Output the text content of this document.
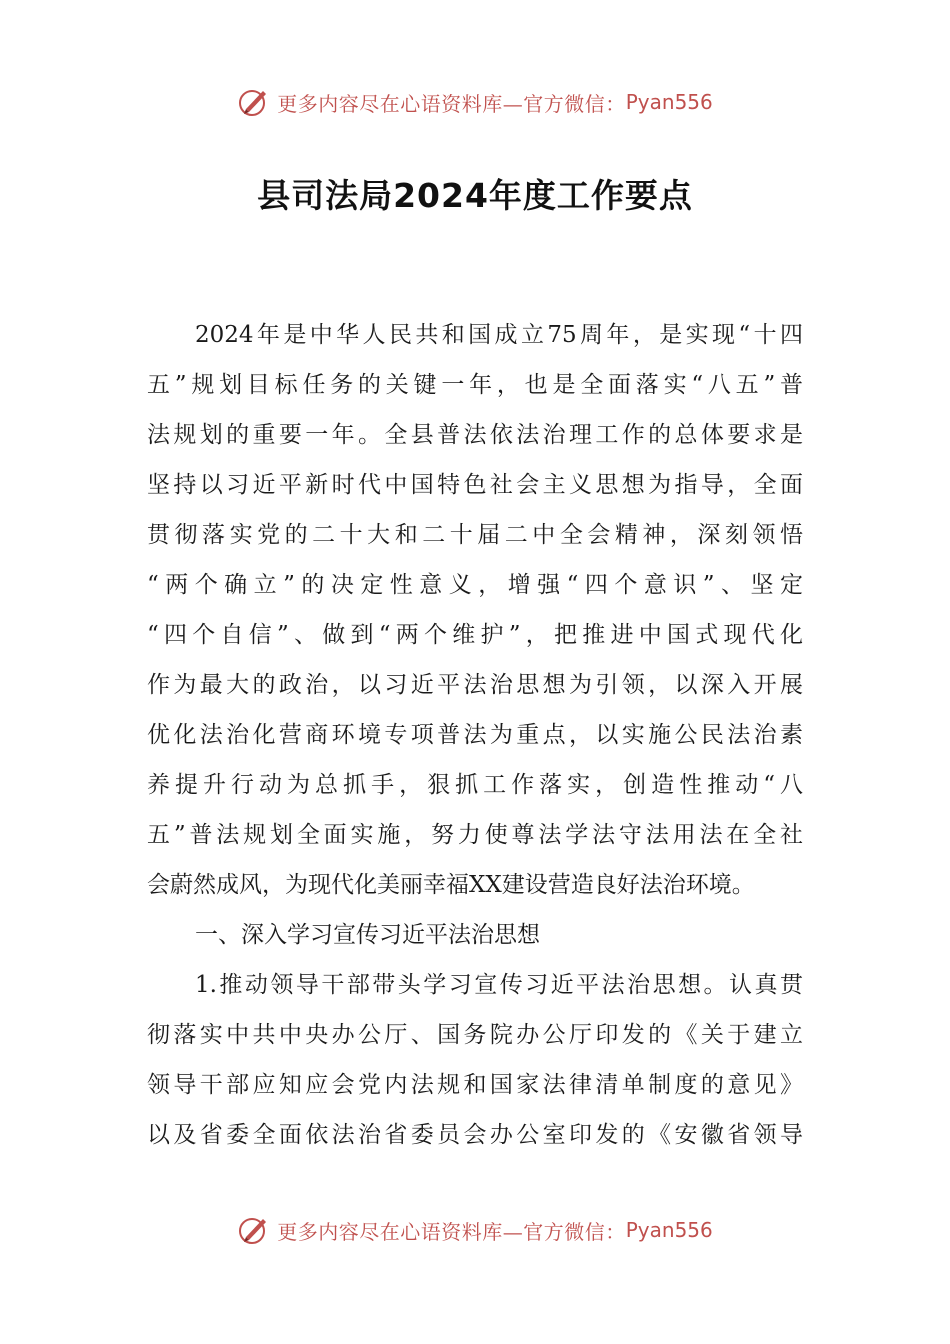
更多内容尽在心语资料库—官方微信： Pyan556
县司法局2024年度工作要点
2024年是中华人民共和国成立75周年，是实现“十四
五”规划目标任务的关键一年，也是全面落实“八五”普
法规划的重要一年。全县普法依法治理工作的总体要求是
坚持以习近平新时代中国特色社会主义思想为指导，全面
贯彻落实党的二十大和二十届二中全会精神，深刻领悟
“两个确立”的决定性意义，增强“四个意识”、坚定
“四个自信”、做到“两个维护”，把推进中国式现代化
作为最大的政治，以习近平法治思想为引领，以深入开展
优化法治化营商环境专项普法为重点，以实施公民法治素
养提升行动为总抓手，狠抓工作落实，创造性推动“八
五”普法规划全面实施，努力使尊法学法守法用法在全社
会蔚然成风，为现代化美丽幸福XX建设营造良好法治环境。
一、深入学习宣传习近平法治思想
1.推动领导干部带头学习宣传习近平法治思想。认真贯
彻落实中共中央办公厅、国务院办公厅印发的《关于建立
领导干部应知应会党内法规和国家法律清单制度的意见》
以及省委全面依法治省委员会办公室印发的《安徽省领导
更多内容尽在心语资料库—官方微信： Pyan556
